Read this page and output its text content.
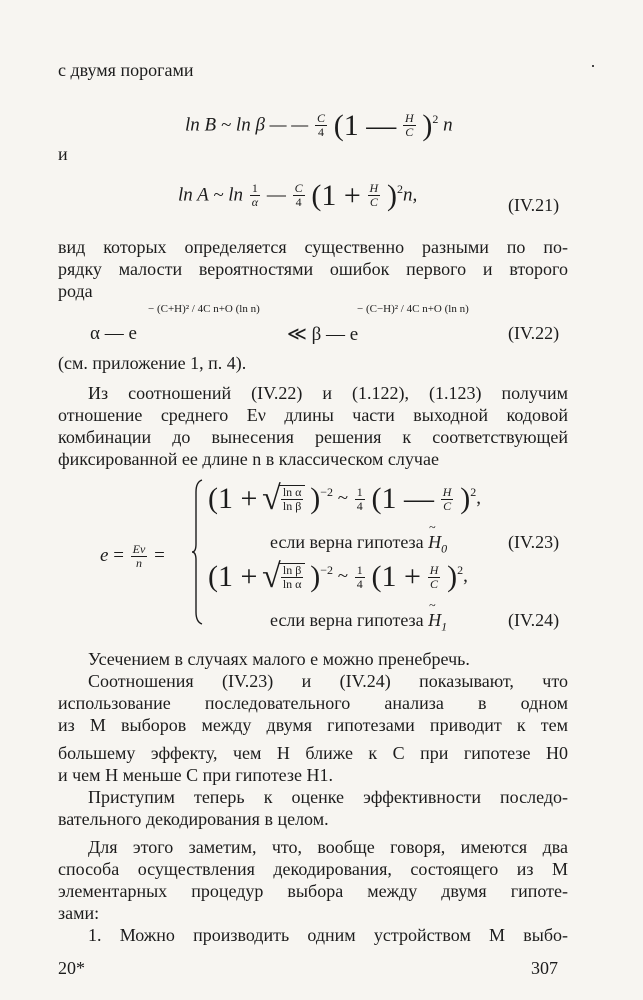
с двумя порогами
ln B ~ ln β — — $\frac{C}{4} (1$ — $\frac{H}{C} )^2$ n
и
ln A ~ $\ln \frac{1}{\alpha}$ — $\frac{C}{4} (1 + \frac{H}{C} )^2n$,	(IV.21)
вид которых определяется существенно разными по по-
рядку малости вероятностями ошибок первого и второго
рода
α — e
− (C+H)² / 4C n+O (ln n)
≪ β — e
− (C−H)² / 4C n+O (ln n)
(IV.22)
(см. приложение 1, п. 4).
Из соотношений (IV.22) и (1.122), (1.123) получим
отношение среднего Eν длины части выходной кодовой
комбинации до вынесения решения к соответствующей
фиксированной ее длине n в классическом случае
$e = \frac{E\nu}{n}$ =
(1 + √ $\frac{\text{ln α}}{\text{ln β}} )^{-2}$ ~ $\frac{1}{4} (1$ — $\frac{H}{C} )^2$,
если верна гипотеза ~ $H_0$	(IV.23)
(1 + √ $\frac{\text{ln β}}{\text{ln α}} )^{-2}$ ~ $\frac{1}{4} (1 + \frac{H}{C} )^2$,
если верна гипотеза ~ $H_1$	(IV.24)
Усечением в случаях малого e можно пренебречь.
Соотношения (IV.23) и (IV.24) показывают, что
использование последовательного анализа в одном
из M выборов между двумя гипотезами приводит к тем
большему эффекту, чем H ближе к C при гипотезе H0
и чем H меньше C при гипотезе H1.
Приступим теперь к оценке эффективности последо-
вательного декодирования в целом.
Для этого заметим, что, вообще говоря, имеются два
способа осуществления декодирования, состоящего из M
элементарных процедур выбора между двумя гипоте-
зами:
1. Можно производить одним устройством M выбо-
20*	307
